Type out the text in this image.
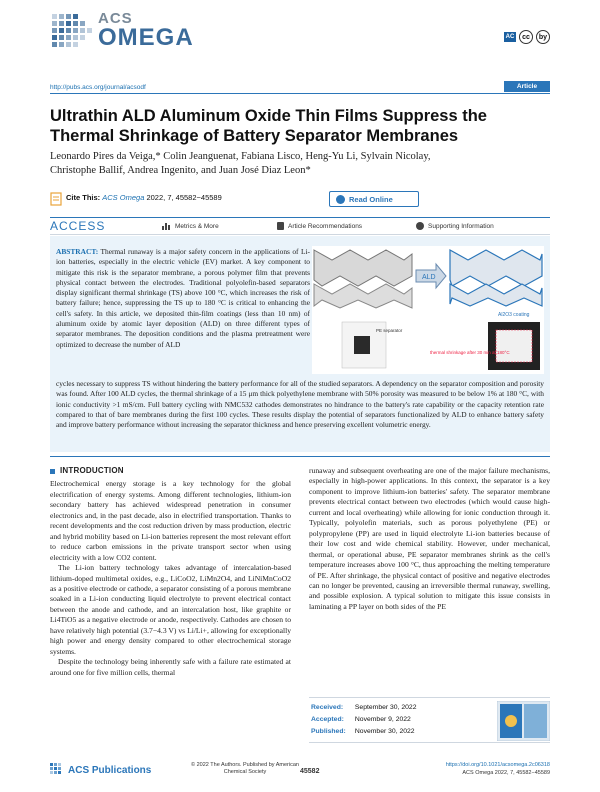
ACS
OMEGA	AC	cc	by
http://pubs.acs.org/journal/acsodf	Article
Ultrathin ALD Aluminum Oxide Thin Films Suppress the Thermal Shrinkage of Battery Separator Membranes
Leonardo Pires da Veiga,* Colin Jeanguenat, Fabiana Lisco, Heng-Yu Li, Sylvain Nicolay,
Christophe Ballif, Andrea Ingenito, and Juan José Diaz Leon*
Cite This: ACS Omega 2022, 7, 45582−45589	Read Online
ACCESS	Metrics & More	Article Recommendations	Supporting Information

ABSTRACT: Thermal runaway is a major safety concern in the applications of Li-ion batteries, especially in the electric vehicle (EV) market. A key component to mitigate this risk is the separator membrane, a porous polymer film that prevents physical contact between the electrodes. Traditional polyolefin-based separators display significant thermal shrinkage (TS) above 100 °C, which increases the risk of battery failure; hence, suppressing the TS up to 180 °C is critical to enhancing the cell's safety. In this article, we deposited thin-film coatings (less than 10 nm) of aluminum oxide by atomic layer deposition (ALD) on three different types of separator membranes. The deposition conditions and the plasma pretreatment were optimized to decrease the number of ALD

ALD
Al2O3 coating
PE separator
thermal shrinkage after 30 min at 180°C

cycles necessary to suppress TS without hindering the battery performance for all of the studied separators. A dependency on the separator composition and porosity was found. After 100 ALD cycles, the thermal shrinkage of a 15 μm thick polyethylene membrane with 50% porosity was measured to be below 1% at 180 °C, with ionic conductivity >1 mS/cm. Full battery cycling with NMC532 cathodes demonstrates no hindrance to the battery's rate capability or the capacity retention rate compared to that of bare membranes during the first 100 cycles. These results display the potential of separators functionalized by ALD to enhance battery safety and improve battery performance without increasing the separator thickness and hence preserving excellent volumetric energy.

INTRODUCTION

Electrochemical energy storage is a key technology for the global electrification of energy systems. Among different technologies, lithium-ion secondary battery has achieved widespread penetration in consumer electronics and, in the past decade, also in electrified transportation. Thanks to recent developments and the cost reduction driven by mass production, electric and hybrid mobility based on Li-ion batteries represent the most relevant effort to reduce carbon emissions in the private transport sector when using electricity with a low CO2 content.

The Li-ion battery technology takes advantage of intercalation-based lithium-doped multimetal oxides, e.g., LiCoO2, LiMn2O4, and LiNiMnCoO2 as a positive electrode or cathode, a separator consisting of a porous membrane soaked in a Li-ion conducting liquid electrolyte to prevent electrical contact between the anode and cathode, and an intercalation host, like graphite or Li4TiO5 as a negative electrode or anode, respectively. Cathodes are chosen to have relatively high potential (3.7−4.3 V) vs Li/Li+, allowing for exceptionally high power and energy density compared to other electrochemical storage systems.

Despite the technology being inherently safe with a failure rate estimated at around one for five million cells, thermal

runaway and subsequent overheating are one of the major failure mechanisms, especially in high-power applications. In this context, the separator is a key component to improve lithium-ion batteries' safety. The separator membrane prevents electrical contact between two electrodes (which would cause high-current and local overheating) while allowing for ionic conduction through it. Typically, polyolefin materials, such as porous polyethylene (PE) or polypropylene (PP) are used in liquid electrolyte Li-ion batteries because of their low cost and wide chemical stability. However, under mechanical, thermal, or operational abuse, PE separator membranes shrink as the cell's temperature increases above 100 °C, thus approaching the melting temperature of PE. After shrinkage, the physical contact of positive and negative electrodes can no longer be prevented, causing an irreversible thermal runaway, swelling, and possible explosion. A typical solution to mitigate this issue consists in laminating a PP layer on both sides of the PE

Received: September 30, 2022
Accepted: November 9, 2022
Published: November 30, 2022
ACS Publications	© 2022 The Authors. Published by American Chemical Society	45582
https://doi.org/10.1021/acsomega.2c06318
ACS Omega 2022, 7, 45582−45589
